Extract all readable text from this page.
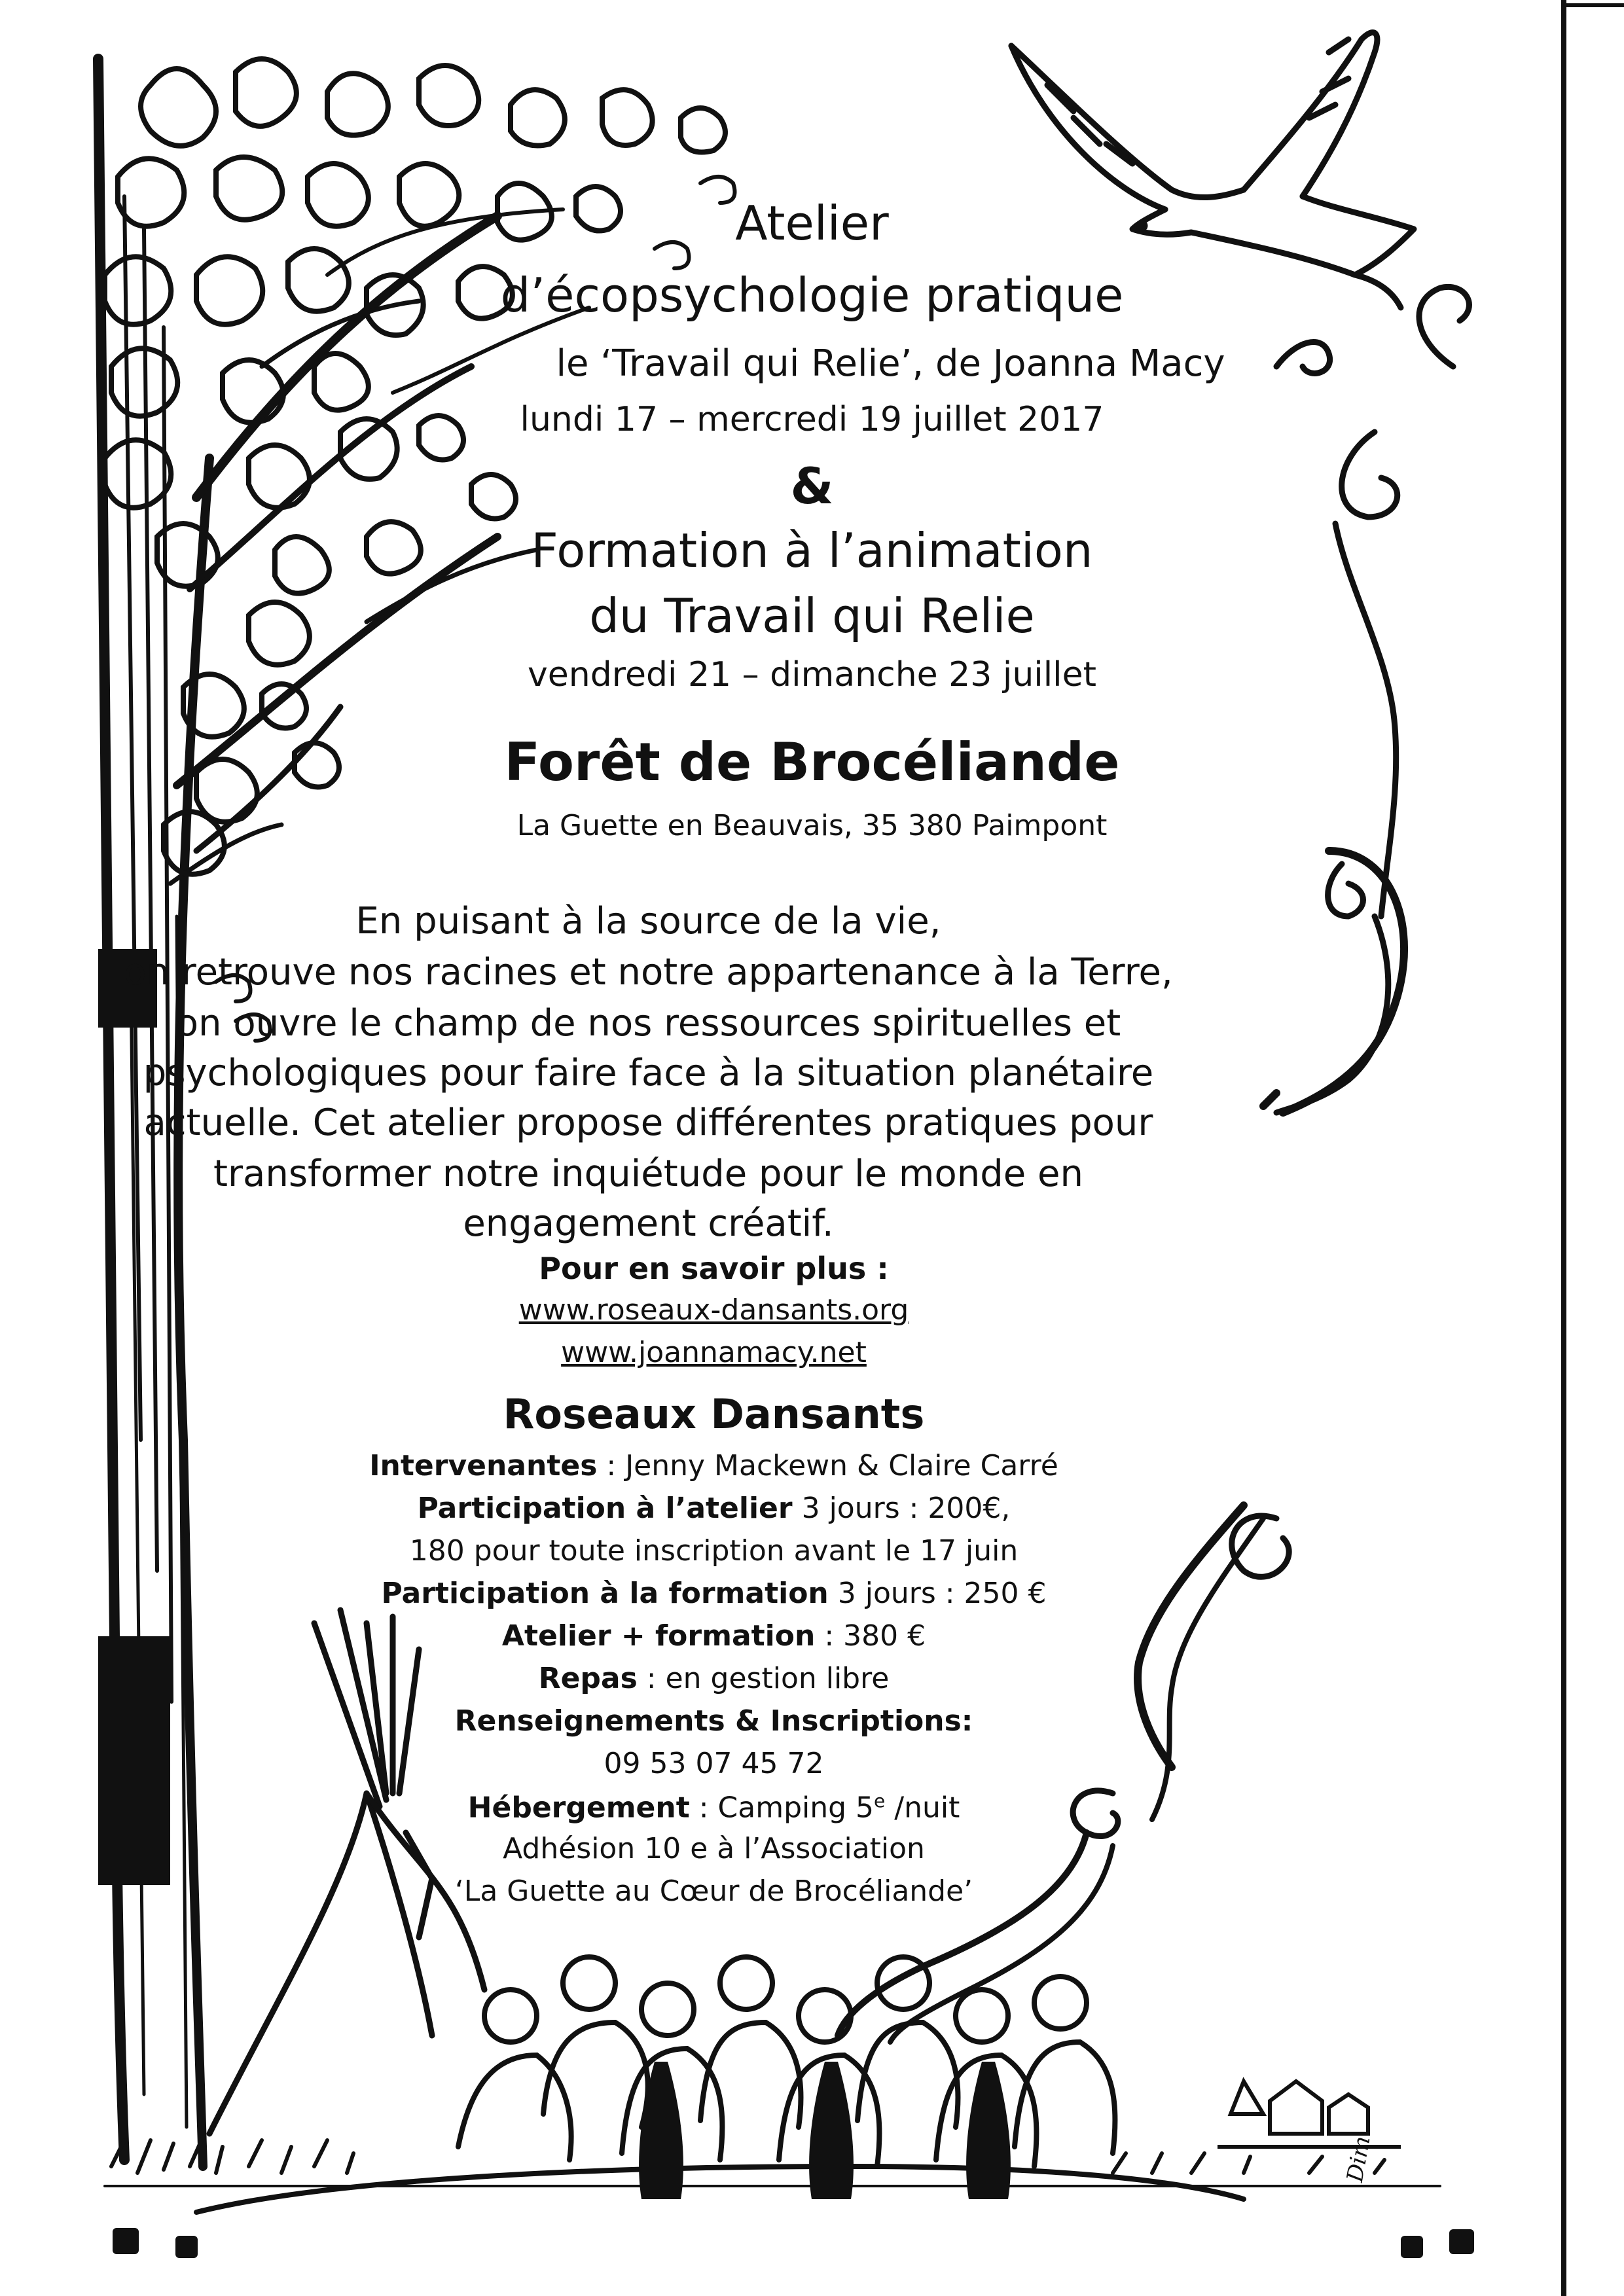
Atelier
d’écopsychologie pratique
le ‘Travail qui Relie’, de Joanna Macy
lundi 17 – mercredi 19 juillet 2017
&
Formation à l’animation
du Travail qui Relie
vendredi 21 – dimanche 23 juillet
Forêt de Brocéliande
La Guette en Beauvais, 35 380 Paimpont
En puisant à la source de la vie,
on retrouve nos racines et notre appartenance à la Terre,
on ouvre le champ de nos ressources spirituelles et
psychologiques pour faire face à la situation planétaire
actuelle. Cet atelier propose différentes pratiques pour
transformer notre inquiétude pour le monde en
engagement créatif.
Pour en savoir plus :
www.roseaux-dansants.org
www.joannamacy.net
Roseaux Dansants
Intervenantes : Jenny Mackewn & Claire Carré
Participation à l’atelier 3 jours : 200€,
180 pour toute inscription avant le 17 juin
Participation à la formation 3 jours : 250 €
Atelier + formation : 380 €
Repas : en gestion libre
Renseignements & Inscriptions:
09 53 07 45 72
Hébergement : Camping 5e /nuit
Adhésion 10 e à l’Association
‘La Guette au Cœur de Brocéliande’
Dim
